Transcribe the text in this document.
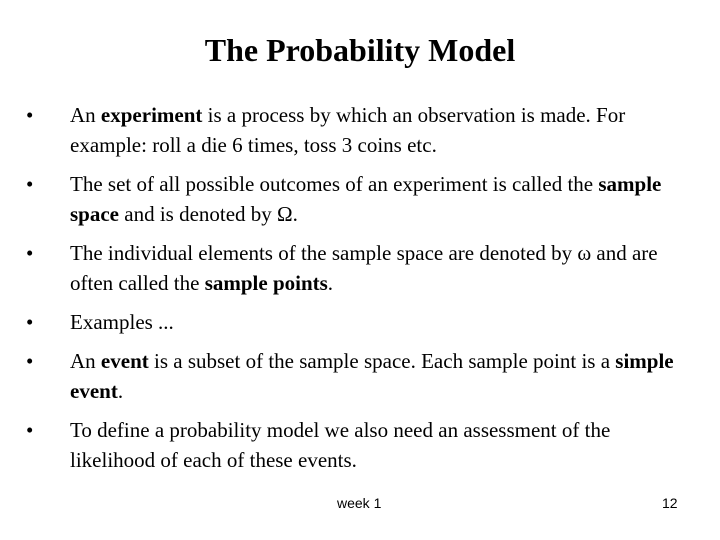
The Probability Model
•	An experiment is a process by which an observation is made. For example: roll a die 6 times, toss 3 coins etc.
•	The set of all possible outcomes of an experiment is called the sample space and is denoted by Ω.
•	The individual elements of the sample space are denoted by ω and are often called the sample points.
•	Examples ...
•	An event is a subset of the sample space. Each sample point is a simple event.
•	To define a probability model we also need an assessment of the likelihood of each of these events.
week 1	12
